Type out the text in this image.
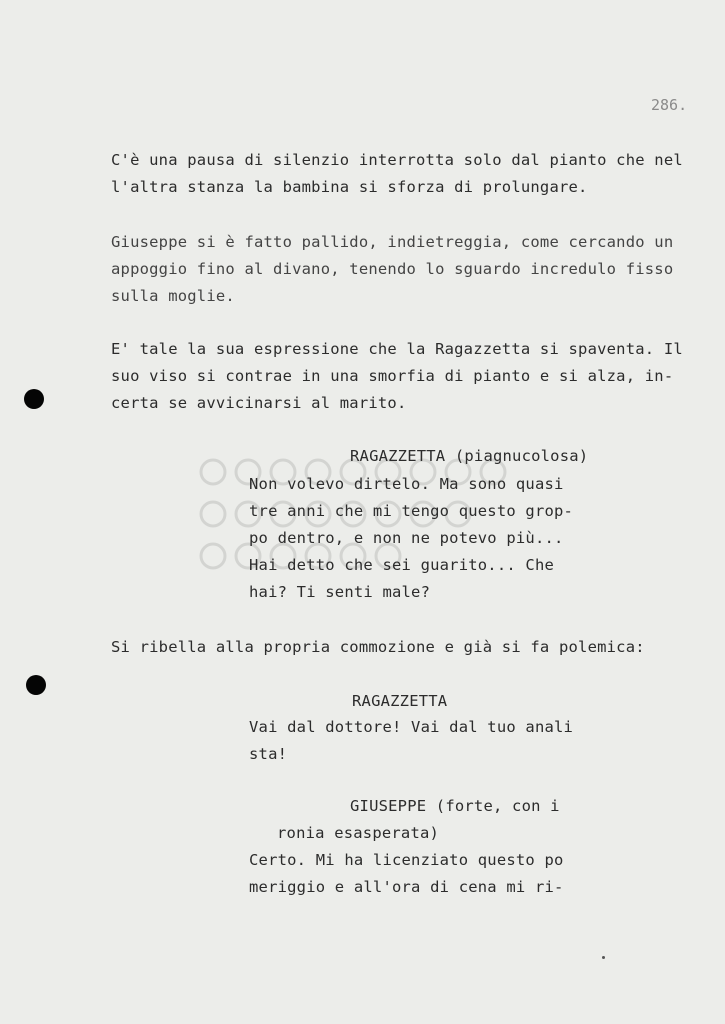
286.
C'è una pausa di silenzio interrotta solo dal pianto che nel
l'altra stanza la bambina si sforza di prolungare.
Giuseppe si è fatto pallido, indietreggia, come cercando un
appoggio fino al divano, tenendo lo sguardo incredulo fisso
sulla moglie.
E' tale la sua espressione che la Ragazzetta si spaventa. Il
suo viso si contrae in una smorfia di pianto e si alza, in-
certa se avvicinarsi al marito.
RAGAZZETTA (piagnucolosa)
Non volevo dirtelo. Ma sono quasi
tre anni che mi tengo questo grop-
po dentro, e non ne potevo più...
Hai detto che sei guarito... Che
hai? Ti senti male?
Si ribella alla propria commozione e già si fa polemica:
RAGAZZETTA
Vai dal dottore! Vai dal tuo anali
sta!
GIUSEPPE (forte, con i
ronia esasperata)
Certo. Mi ha licenziato questo po
meriggio e all'ora di cena mi ri-
